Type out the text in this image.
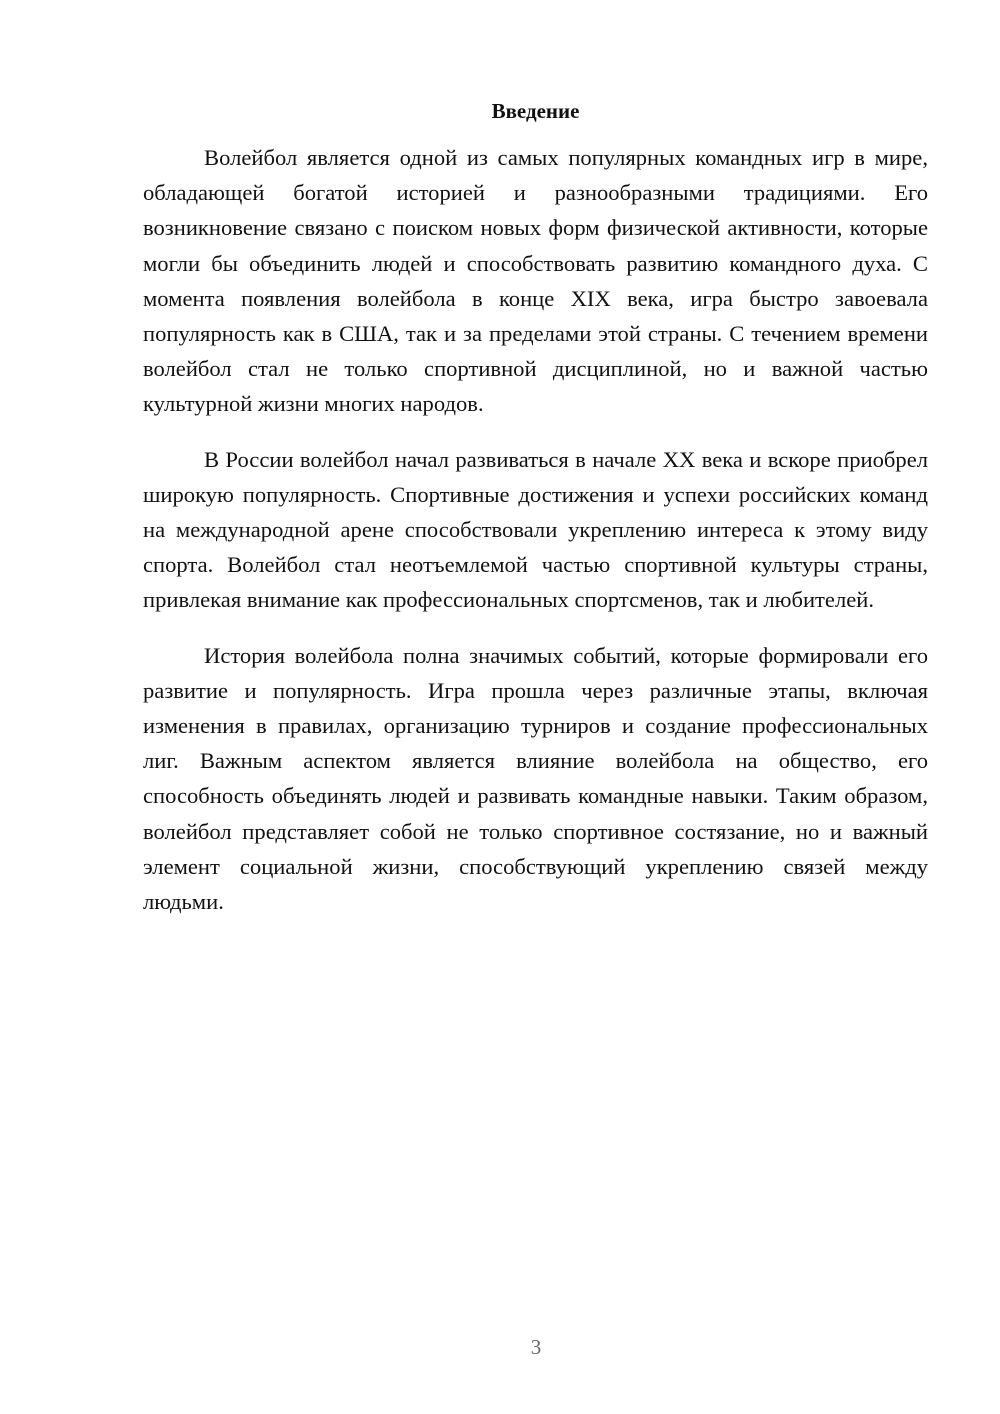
Введение

Волейбол является одной из самых популярных командных игр в мире, обладающей богатой историей и разнообразными традициями. Его возникновение связано с поиском новых форм физической активности, которые могли бы объединить людей и способствовать развитию командного духа. С момента появления волейбола в конце XIX века, игра быстро завоевала популярность как в США, так и за пределами этой страны. С течением времени волейбол стал не только спортивной дисциплиной, но и важной частью культурной жизни многих народов.

В России волейбол начал развиваться в начале XX века и вскоре приобрел широкую популярность. Спортивные достижения и успехи российских команд на международной арене способствовали укреплению интереса к этому виду спорта. Волейбол стал неотъемлемой частью спортивной культуры страны, привлекая внимание как профессиональных спортсменов, так и любителей.

История волейбола полна значимых событий, которые формировали его развитие и популярность. Игра прошла через различные этапы, включая изменения в правилах, организацию турниров и создание профессиональных лиг. Важным аспектом является влияние волейбола на общество, его способность объединять людей и развивать командные навыки. Таким образом, волейбол представляет собой не только спортивное состязание, но и важный элемент социальной жизни, способствующий укреплению связей между людьми.

3
